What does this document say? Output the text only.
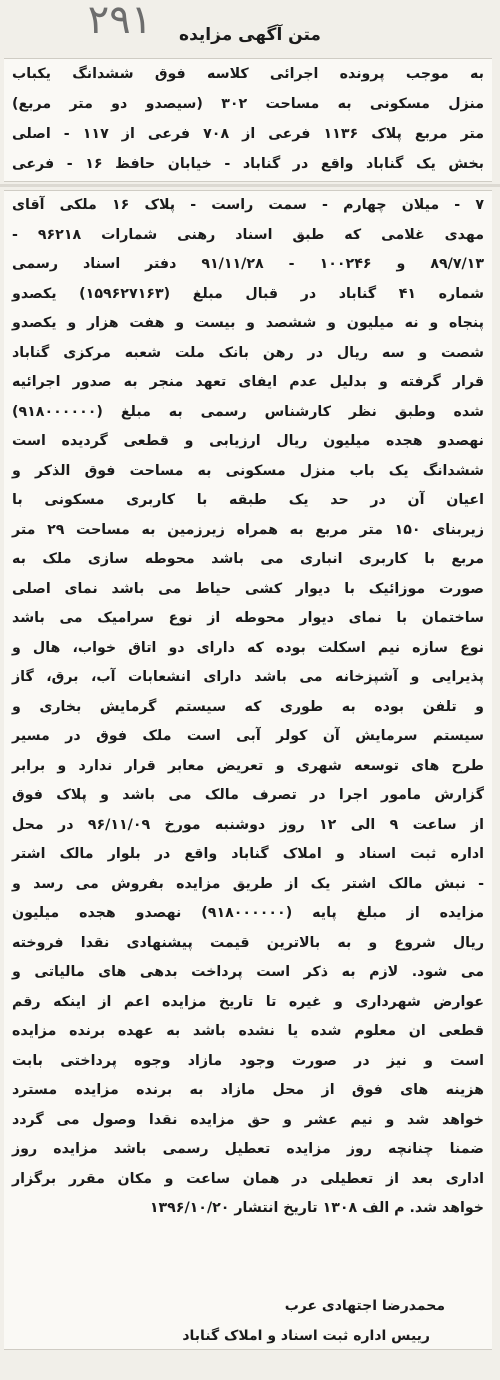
۲۹۱	متن آگهی مزایده
به موجب پرونده اجرائی کلاسه فوق ششدانگ یکباب
منزل مسکونی به مساحت ۳۰۲ (سیصدو دو متر مربع)
متر مربع پلاک ۱۱۳۶ فرعی از ۷۰۸ فرعی از ۱۱۷ - اصلی
بخش یک گناباد واقع در گناباد - خیابان حافظ ۱۶ - فرعی
۷ - میلان چهارم - سمت راست - پلاک ۱۶ ملکی آقای
مهدی غلامی که طبق اسناد رهنی شمارات ۹۶۲۱۸ -
۸۹/۷/۱۳ و ۱۰۰۲۴۶ - ۹۱/۱۱/۲۸ دفتر اسناد رسمی
شماره ۴۱ گناباد در قبال مبلغ (۱۵۹۶۲۷۱۶۳) یکصدو
پنجاه و نه میلیون و ششصد و بیست و هفت هزار و یکصدو
شصت و سه ریال در رهن بانک ملت شعبه مرکزی گناباد
قرار گرفته و بدلیل عدم ایفای تعهد منجر به صدور اجرائیه
شده وطبق نظر کارشناس رسمی به مبلغ (۹۱۸۰۰۰۰۰۰)
نهصدو هجده میلیون ریال ارزیابی و قطعی گردیده است
ششدانگ یک باب منزل مسکونی به مساحت فوق الذکر و
اعیان آن در حد یک طبقه با کاربری مسکونی با
زیربنای ۱۵۰ متر مربع به همراه زیرزمین به مساحت ۲۹ متر
مربع با کاربری انباری می باشد محوطه سازی ملک به
صورت موزائیک با دیوار کشی حیاط می باشد نمای اصلی
ساختمان با نمای دیوار محوطه از نوع سرامیک می باشد
نوع سازه نیم اسکلت بوده که دارای دو اتاق خواب، هال و
پذیرایی و آشپزخانه می باشد دارای انشعابات آب، برق، گاز
و تلفن بوده به طوری که سیستم گرمایش بخاری و
سیستم سرمایش آن کولر آبی است ملک فوق در مسیر
طرح های توسعه شهری و تعریض معابر قرار ندارد و برابر
گزارش مامور اجرا در تصرف مالک می باشد و پلاک فوق
از ساعت ۹ الی ۱۲ روز دوشنبه مورخ ۹۶/۱۱/۰۹ در محل
اداره ثبت اسناد و املاک گناباد واقع در بلوار مالک اشتر
- نبش مالک اشتر یک از طریق مزایده بفروش می رسد و
مزایده از مبلغ پایه (۹۱۸۰۰۰۰۰۰) نهصدو هجده میلیون
ریال شروع و به بالاترین قیمت پیشنهادی نقدا فروخته
می شود. لازم به ذکر است پرداخت بدهی های مالیاتی و
عوارض شهرداری و غیره تا تاریخ مزایده اعم از اینکه رقم
قطعی ان معلوم شده یا نشده باشد به عهده برنده مزایده
است و نیز در صورت وجود مازاد وجوه پرداختی بابت
هزینه های فوق از محل مازاد به برنده مزایده مسترد
خواهد شد و نیم عشر و حق مزایده نقدا وصول می گردد
ضمنا چنانچه روز مزایده تعطیل رسمی باشد مزایده روز
اداری بعد از تعطیلی در همان ساعت و مکان مقرر برگزار
خواهد شد. م الف ۱۳۰۸ تاریخ انتشار ۱۳۹۶/۱۰/۲۰
محمدرضا اجتهادی عرب
رییس اداره ثبت اسناد و املاک گناباد
